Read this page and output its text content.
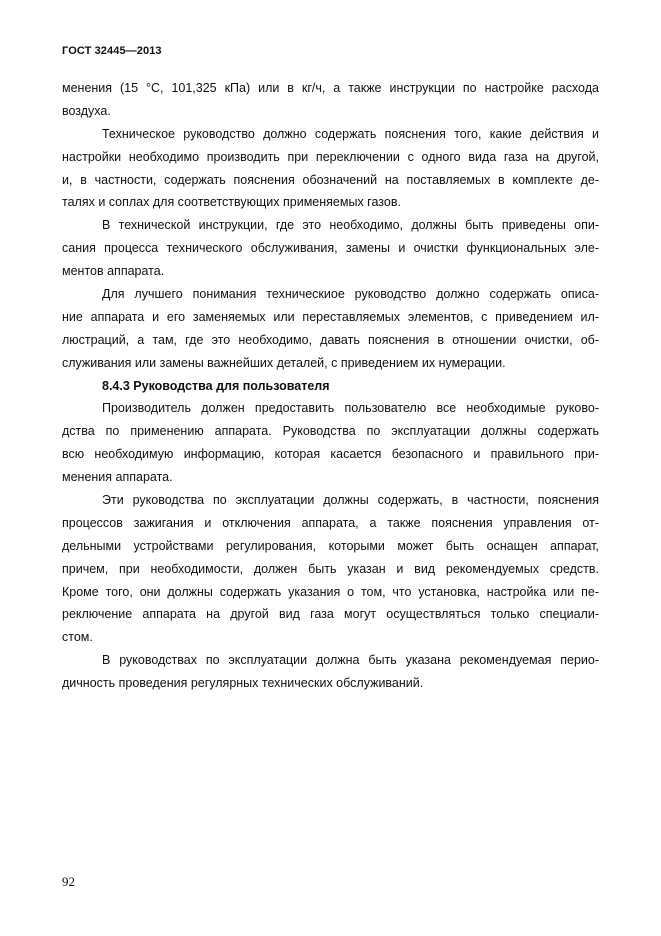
ГОСТ 32445—2013
менения (15 °С, 101,325 кПа) или в кг/ч, а также инструкции по настройке расхода
воздуха.
Техническое руководство должно содержать пояснения того, какие действия и
настройки необходимо производить при переключении с одного вида газа на другой,
и, в частности, содержать пояснения обозначений на поставляемых в комплекте де-
талях и соплах для соответствующих применяемых газов.
В технической инструкции, где это необходимо, должны быть приведены опи-
сания процесса технического обслуживания, замены и очистки функциональных эле-
ментов аппарата.
Для лучшего понимания техническиое руководство должно содержать описа-
ние аппарата и его заменяемых или переставляемых элементов, с приведением ил-
люстраций, а там, где это необходимо, давать пояснения в отношении очистки, об-
служивания или замены важнейших деталей, с приведением их нумерации.
8.4.3 Руководства для пользователя
Производитель должен предоставить пользователю все необходимые руково-
дства по применению аппарата. Руководства по эксплуатации должны содержать
всю необходимую информацию, которая касается безопасного и правильного при-
менения аппарата.
Эти руководства по эксплуатации должны содержать, в частности, пояснения
процессов зажигания и отключения аппарата, а также пояснения управления от-
дельными устройствами регулирования, которыми может быть оснащен аппарат,
причем, при необходимости, должен быть указан и вид рекомендуемых средств.
Кроме того, они должны содержать указания о том, что установка, настройка или пе-
реключение аппарата на другой вид газа могут осуществляться только специали-
стом.
В руководствах по эксплуатации должна быть указана рекомендуемая перио-
дичность проведения регулярных технических обслуживаний.
92
